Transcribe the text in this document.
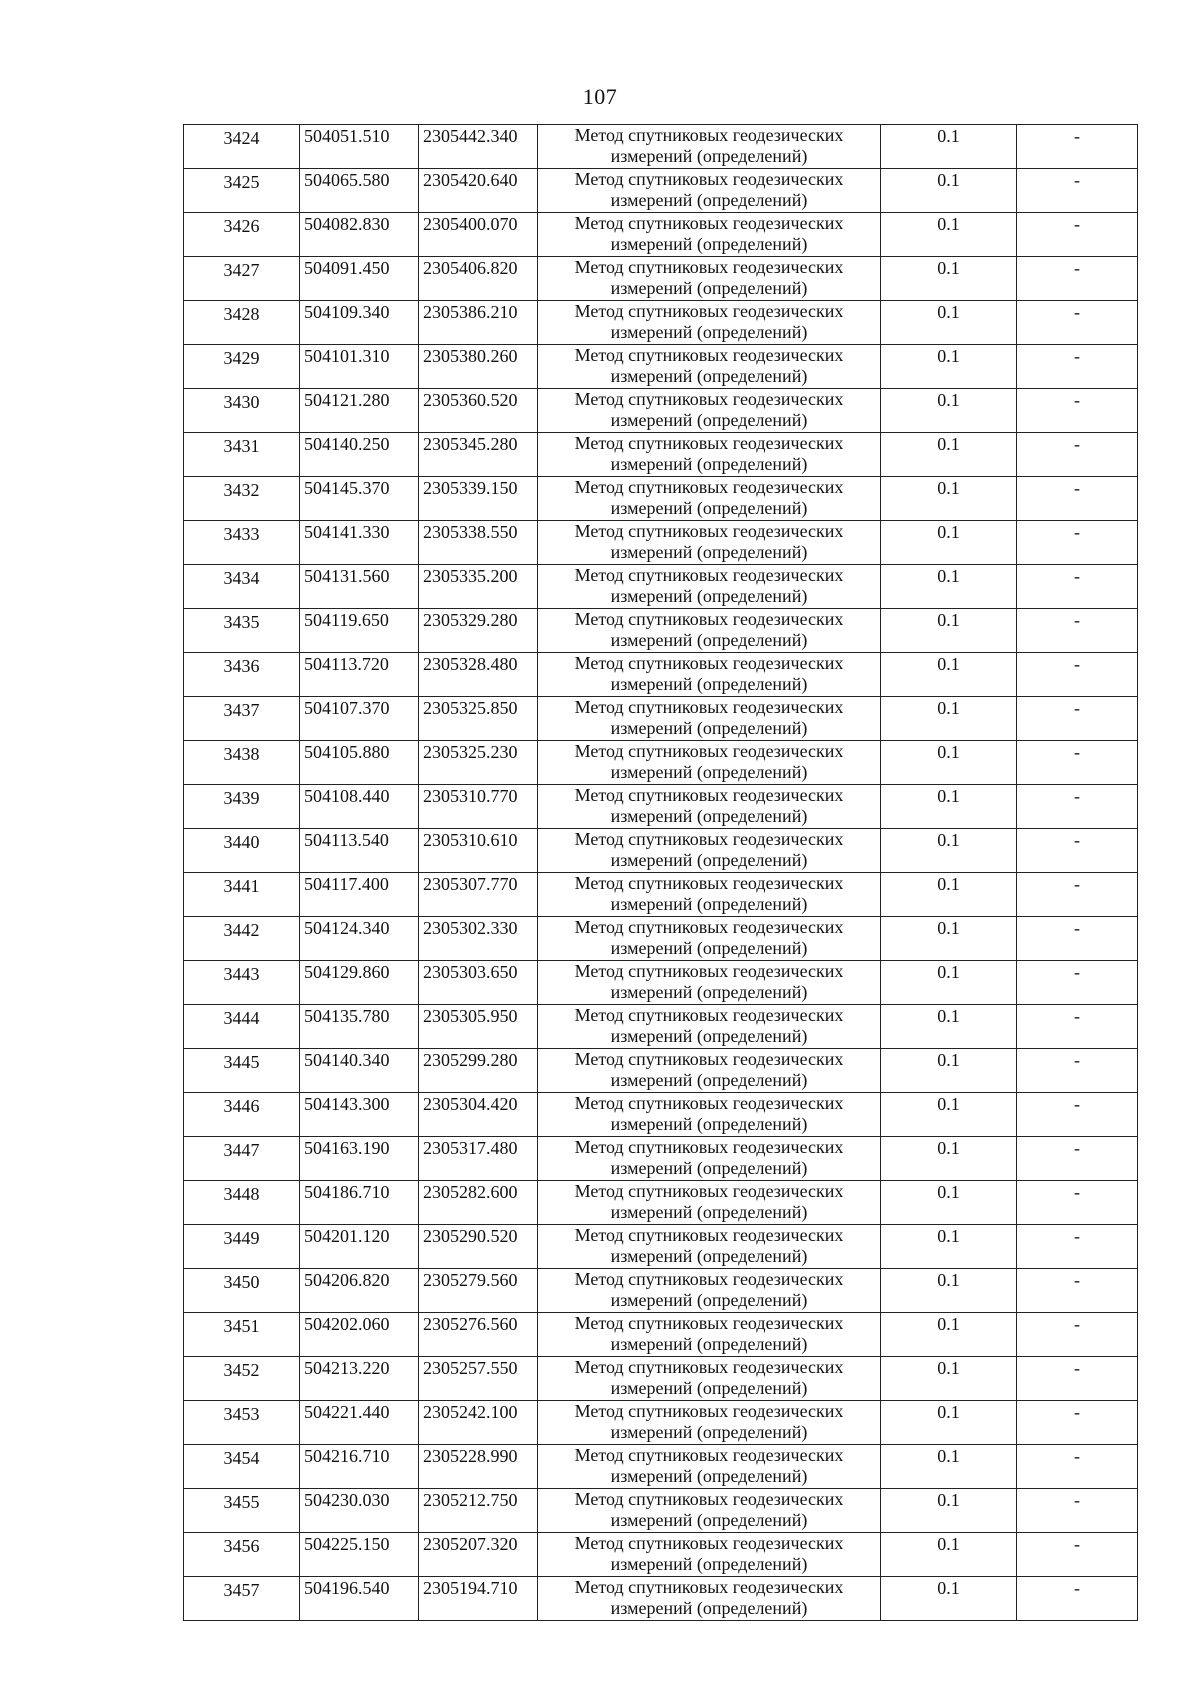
107
3424	504051.510	2305442.340	Метод спутниковых геодезических
измерений (определений)	0.1	-

3425	504065.580	2305420.640	Метод спутниковых геодезических
измерений (определений)	0.1	-

3426	504082.830	2305400.070	Метод спутниковых геодезических
измерений (определений)	0.1	-

3427	504091.450	2305406.820	Метод спутниковых геодезических
измерений (определений)	0.1	-

3428	504109.340	2305386.210	Метод спутниковых геодезических
измерений (определений)	0.1	-

3429	504101.310	2305380.260	Метод спутниковых геодезических
измерений (определений)	0.1	-

3430	504121.280	2305360.520	Метод спутниковых геодезических
измерений (определений)	0.1	-

3431	504140.250	2305345.280	Метод спутниковых геодезических
измерений (определений)	0.1	-

3432	504145.370	2305339.150	Метод спутниковых геодезических
измерений (определений)	0.1	-

3433	504141.330	2305338.550	Метод спутниковых геодезических
измерений (определений)	0.1	-

3434	504131.560	2305335.200	Метод спутниковых геодезических
измерений (определений)	0.1	-

3435	504119.650	2305329.280	Метод спутниковых геодезических
измерений (определений)	0.1	-

3436	504113.720	2305328.480	Метод спутниковых геодезических
измерений (определений)	0.1	-

3437	504107.370	2305325.850	Метод спутниковых геодезических
измерений (определений)	0.1	-

3438	504105.880	2305325.230	Метод спутниковых геодезических
измерений (определений)	0.1	-

3439	504108.440	2305310.770	Метод спутниковых геодезических
измерений (определений)	0.1	-

3440	504113.540	2305310.610	Метод спутниковых геодезических
измерений (определений)	0.1	-

3441	504117.400	2305307.770	Метод спутниковых геодезических
измерений (определений)	0.1	-

3442	504124.340	2305302.330	Метод спутниковых геодезических
измерений (определений)	0.1	-

3443	504129.860	2305303.650	Метод спутниковых геодезических
измерений (определений)	0.1	-

3444	504135.780	2305305.950	Метод спутниковых геодезических
измерений (определений)	0.1	-

3445	504140.340	2305299.280	Метод спутниковых геодезических
измерений (определений)	0.1	-

3446	504143.300	2305304.420	Метод спутниковых геодезических
измерений (определений)	0.1	-

3447	504163.190	2305317.480	Метод спутниковых геодезических
измерений (определений)	0.1	-

3448	504186.710	2305282.600	Метод спутниковых геодезических
измерений (определений)	0.1	-

3449	504201.120	2305290.520	Метод спутниковых геодезических
измерений (определений)	0.1	-

3450	504206.820	2305279.560	Метод спутниковых геодезических
измерений (определений)	0.1	-

3451	504202.060	2305276.560	Метод спутниковых геодезических
измерений (определений)	0.1	-

3452	504213.220	2305257.550	Метод спутниковых геодезических
измерений (определений)	0.1	-

3453	504221.440	2305242.100	Метод спутниковых геодезических
измерений (определений)	0.1	-

3454	504216.710	2305228.990	Метод спутниковых геодезических
измерений (определений)	0.1	-

3455	504230.030	2305212.750	Метод спутниковых геодезических
измерений (определений)	0.1	-

3456	504225.150	2305207.320	Метод спутниковых геодезических
измерений (определений)	0.1	-

3457	504196.540	2305194.710	Метод спутниковых геодезических
измерений (определений)	0.1	-
